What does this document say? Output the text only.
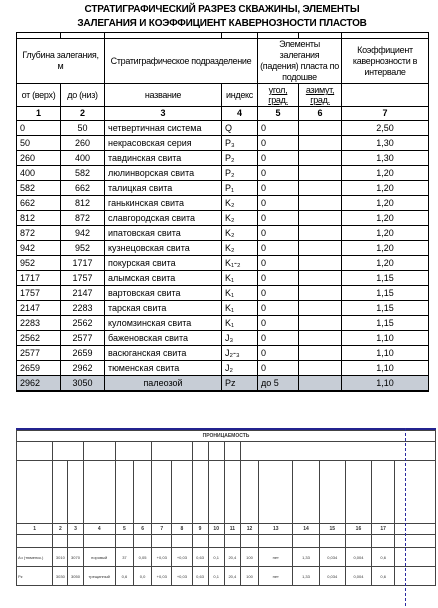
СТРАТИГРАФИЧЕСКИЙ РАЗРЕЗ СКВАЖИНЫ, ЭЛЕМЕНТЫ
ЗАЛЕГАНИЯ И КОЭФФИЦИЕНТ КАВЕРНОЗНОСТИ ПЛАСТОВ

Глубина залегания, м		Стратиграфическое подразделение		Элементы залегания (падения) пласта по подошве		Коэффициент кавернозности в интервале
от (верх)	до (низ)	название	индекс	угол, град.	азимут, град.	
1	2	3	4	5	6	7
0	50	четвертичная система	Q	0		2,50
50	260	некрасовская серия	P₃	0		1,30
260	400	тавдинская свита	P₂	0		1,30
400	582	люлинворская свита	P₂	0		1,20
582	662	талицкая свита	P₁	0		1,20
662	812	ганькинская свита	K₂	0		1,20
812	872	славгородская свита	K₂	0		1,20
872	942	ипатовская свита	K₂	0		1,20
942	952	кузнецовская свита	K₂	0		1,20
952	1717	покурская свита	K₁-₂	0		1,20
1717	1757	алымская свита	K₁	0		1,15
1757	2147	вартовская свита	K₁	0		1,15
2147	2283	тарская свита	K₁	0		1,15
2283	2562	куломзинская свита	K₁	0		1,15
2562	2577	баженовская свита	J₃	0		1,10
2577	2659	васюганская свита	J₂-₃	0		1,10
2659	2962	тюменская свита	J₂	0		1,10
2962	3050	палеозой	Pz	до 5		1,10
ПРОНИЦАЕМОСТЬ																	

1	2	3	4	5	6	7	8	9	10	11	12	13	14	15	16	17	

Ач (тюменск.)	3010	3070	поровый	37	0,05	+0,03	+0,03	0,63	0,1	20,4	100	нет	1,33	0,034	0,004	0,6	
Pz	3030	3050	трещинный	0,6	0,0	+0,03	+0,03	0,63	0,1	20,4	100	нет	1,33	0,034	0,004	0,6	
